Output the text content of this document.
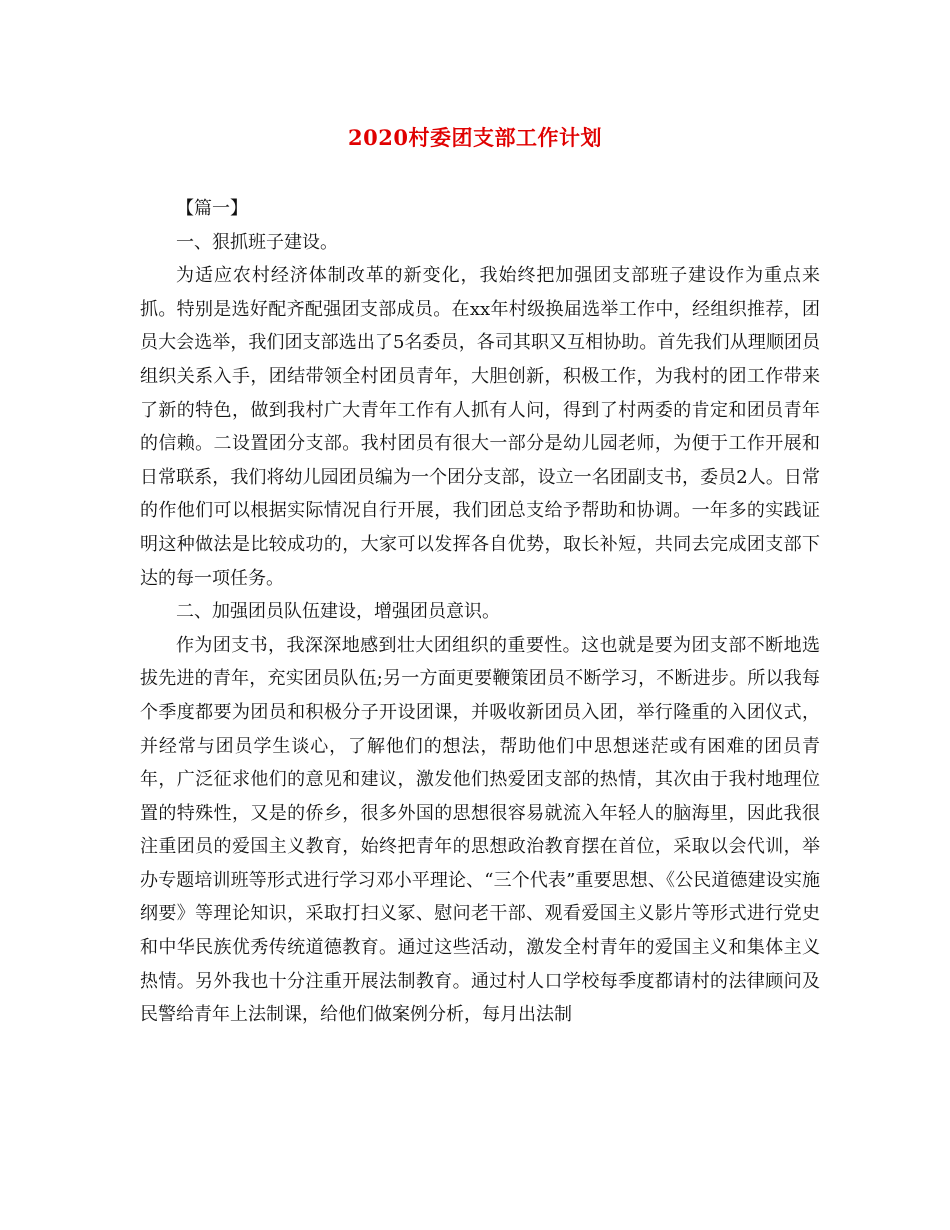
2020村委团支部工作计划

【篇一】

一、狠抓班子建设。

为适应农村经济体制改革的新变化，我始终把加强团支部班子建设作为重点来抓。特别是选好配齐配强团支部成员。在xx年村级换届选举工作中，经组织推荐，团员大会选举，我们团支部选出了5名委员，各司其职又互相协助。首先我们从理顺团员组织关系入手，团结带领全村团员青年，大胆创新，积极工作，为我村的团工作带来了新的特色，做到我村广大青年工作有人抓有人问，得到了村两委的肯定和团员青年的信赖。二设置团分支部。我村团员有很大一部分是幼儿园老师，为便于工作开展和日常联系，我们将幼儿园团员编为一个团分支部，设立一名团副支书，委员2人。日常的作他们可以根据实际情况自行开展，我们团总支给予帮助和协调。一年多的实践证明这种做法是比较成功的，大家可以发挥各自优势，取长补短，共同去完成团支部下达的每一项任务。

二、加强团员队伍建设，增强团员意识。

作为团支书，我深深地感到壮大团组织的重要性。这也就是要为团支部不断地选拔先进的青年，充实团员队伍;另一方面更要鞭策团员不断学习，不断进步。所以我每个季度都要为团员和积极分子开设团课，并吸收新团员入团，举行隆重的入团仪式，并经常与团员学生谈心，了解他们的想法，帮助他们中思想迷茫或有困难的团员青年，广泛征求他们的意见和建议，激发他们热爱团支部的热情，其次由于我村地理位置的特殊性，又是的侨乡，很多外国的思想很容易就流入年轻人的脑海里，因此我很注重团员的爱国主义教育，始终把青年的思想政治教育摆在首位，采取以会代训，举办专题培训班等形式进行学习邓小平理论、“三个代表”重要思想、《公民道德建设实施纲要》等理论知识，采取打扫义冢、慰问老干部、观看爱国主义影片等形式进行党史和中华民族优秀传统道德教育。通过这些活动，激发全村青年的爱国主义和集体主义热情。另外我也十分注重开展法制教育。通过村人口学校每季度都请村的法律顾问及民警给青年上法制课，给他们做案例分析，每月出法制
